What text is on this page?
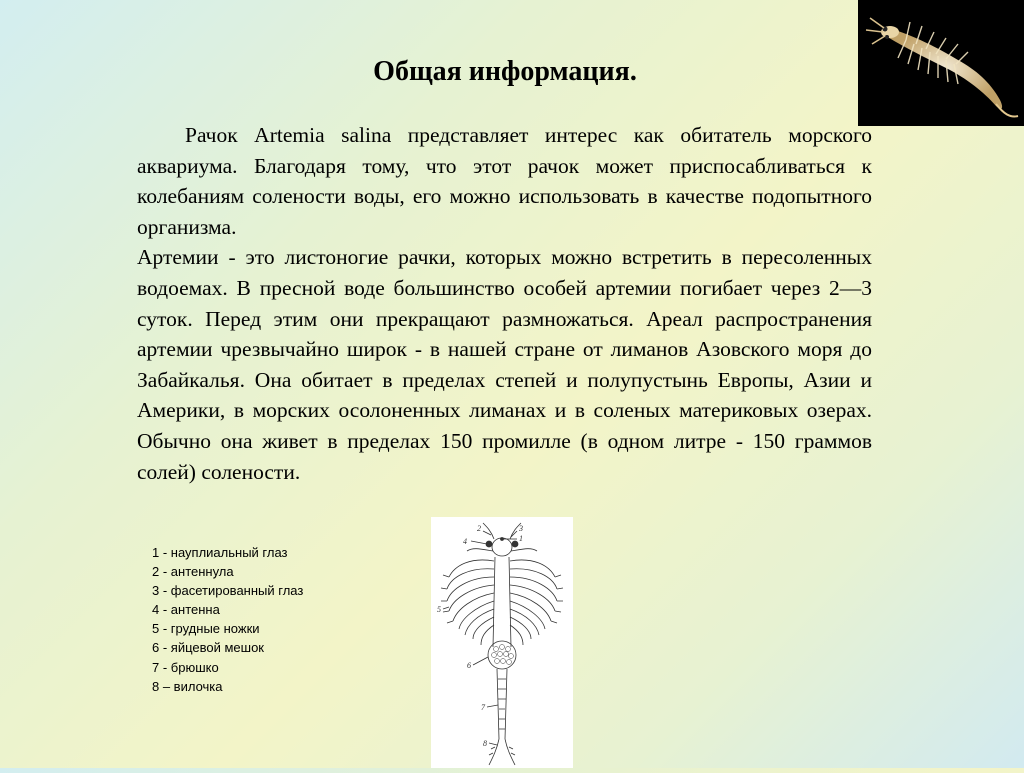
Общая информация.

Рачок Artemia salina представляет интерес как обитатель морского аквариума. Благодаря тому, что этот рачок может приспосабливаться к колебаниям солености воды, его можно использовать в качестве подопытного организма.

Артемии - это листоногие рачки, которых можно встретить в пересоленных водоемах. В пресной воде большинство особей артемии погибает через 2—3 суток. Перед этим они прекращают размножаться. Ареал распространения артемии чрезвычайно широк - в нашей стране от лиманов Азовского моря до Забайкалья. Она обитает в пределах степей и полупустынь Европы, Азии и Америки, в морских осолоненных лиманах и в соленых материковых озерах. Обычно она живет в пределах 150 промилле (в одном литре - 150 граммов солей) солености.

1 - науплиальный глаз
2 - антеннула
3 - фасетированный глаз
4 - антенна
5 - грудные ножки
6 - яйцевой мешок
7 - брюшко
8 – вилочка
4
2	3
1
5
6
7
8
